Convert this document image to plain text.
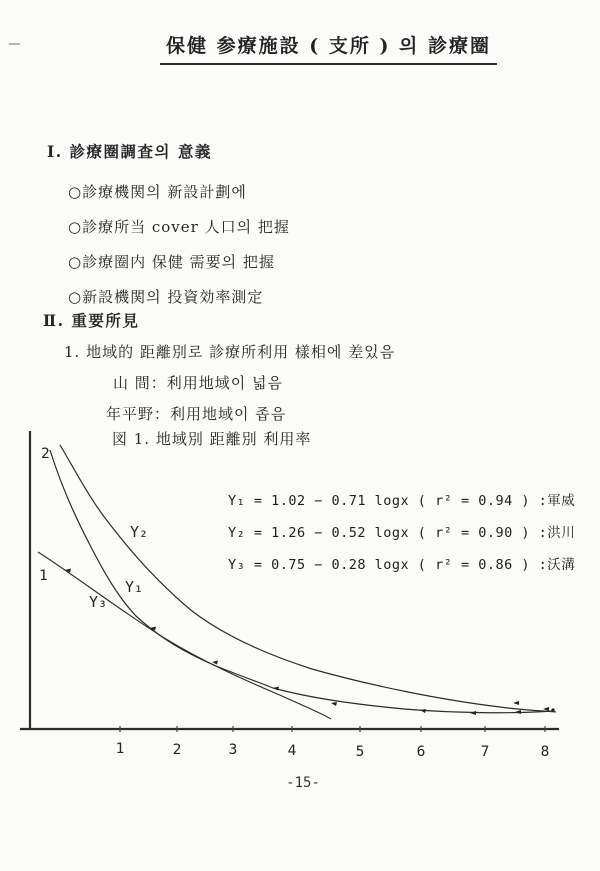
保健 参療施設 ( 支所 ) 의 診療圈
Ⅰ. 診療圈調査의 意義
○診療機関의 新設計劃에
○診療所当 cover 人口의 把握
○診療圈内 保健 需要의 把握
○新設機関의 投資効率測定
Ⅱ. 重要所見
1. 地域的 距離別로 診療所利用 樣相에 差있음
山 間：利用地域이 넓음
年平野：利用地域이 좁음
図 1. 地域別 距離別 利用率
Y₁ = 1.02 − 0.71 logx ( r² = 0.94 ) :軍威
Y₂ = 1.26 − 0.52 logx ( r² = 0.90 ) :洪川
Y₃ = 0.75 − 0.28 logx ( r² = 0.86 ) :沃溝
1	2	3	4	5	6	7	8
2
1
Y₂
Y₁
Y₃
-15-
